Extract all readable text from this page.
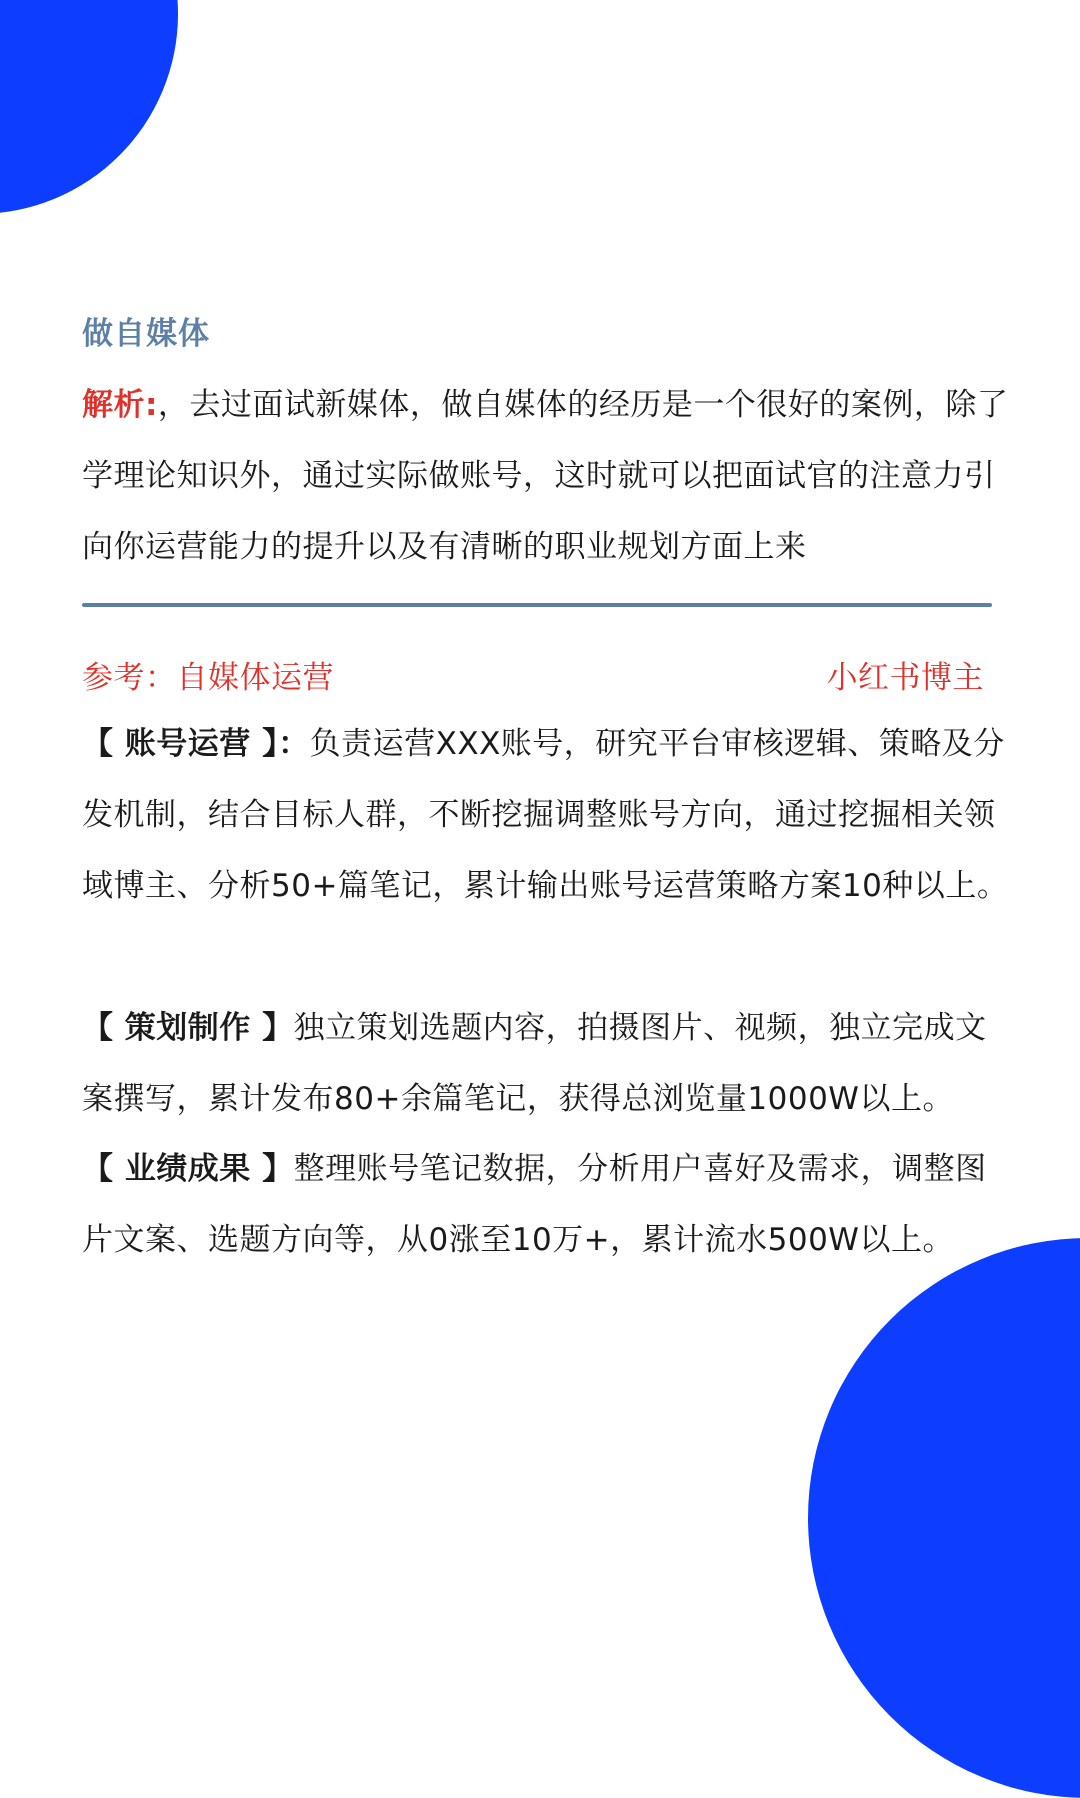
做自媒体
解析:，去过面试新媒体，做自媒体的经历是一个很好的案例，除了学理论知识外，通过实际做账号，这时就可以把面试官的注意力引向你运营能力的提升以及有清晰的职业规划方面上来
参考：自媒体运营	小红书博主
【 账号运营 】：负责运营XXX账号，研究平台审核逻辑、策略及分发机制，结合目标人群，不断挖掘调整账号方向，通过挖掘相关领域博主、分析50+篇笔记，累计输出账号运营策略方案10种以上。
【 策划制作 】独立策划选题内容，拍摄图片、视频，独立完成文案撰写，累计发布80+余篇笔记，获得总浏览量1000W以上。
【 业绩成果 】整理账号笔记数据，分析用户喜好及需求，调整图片文案、选题方向等，从0涨至10万+，累计流水500W以上。
